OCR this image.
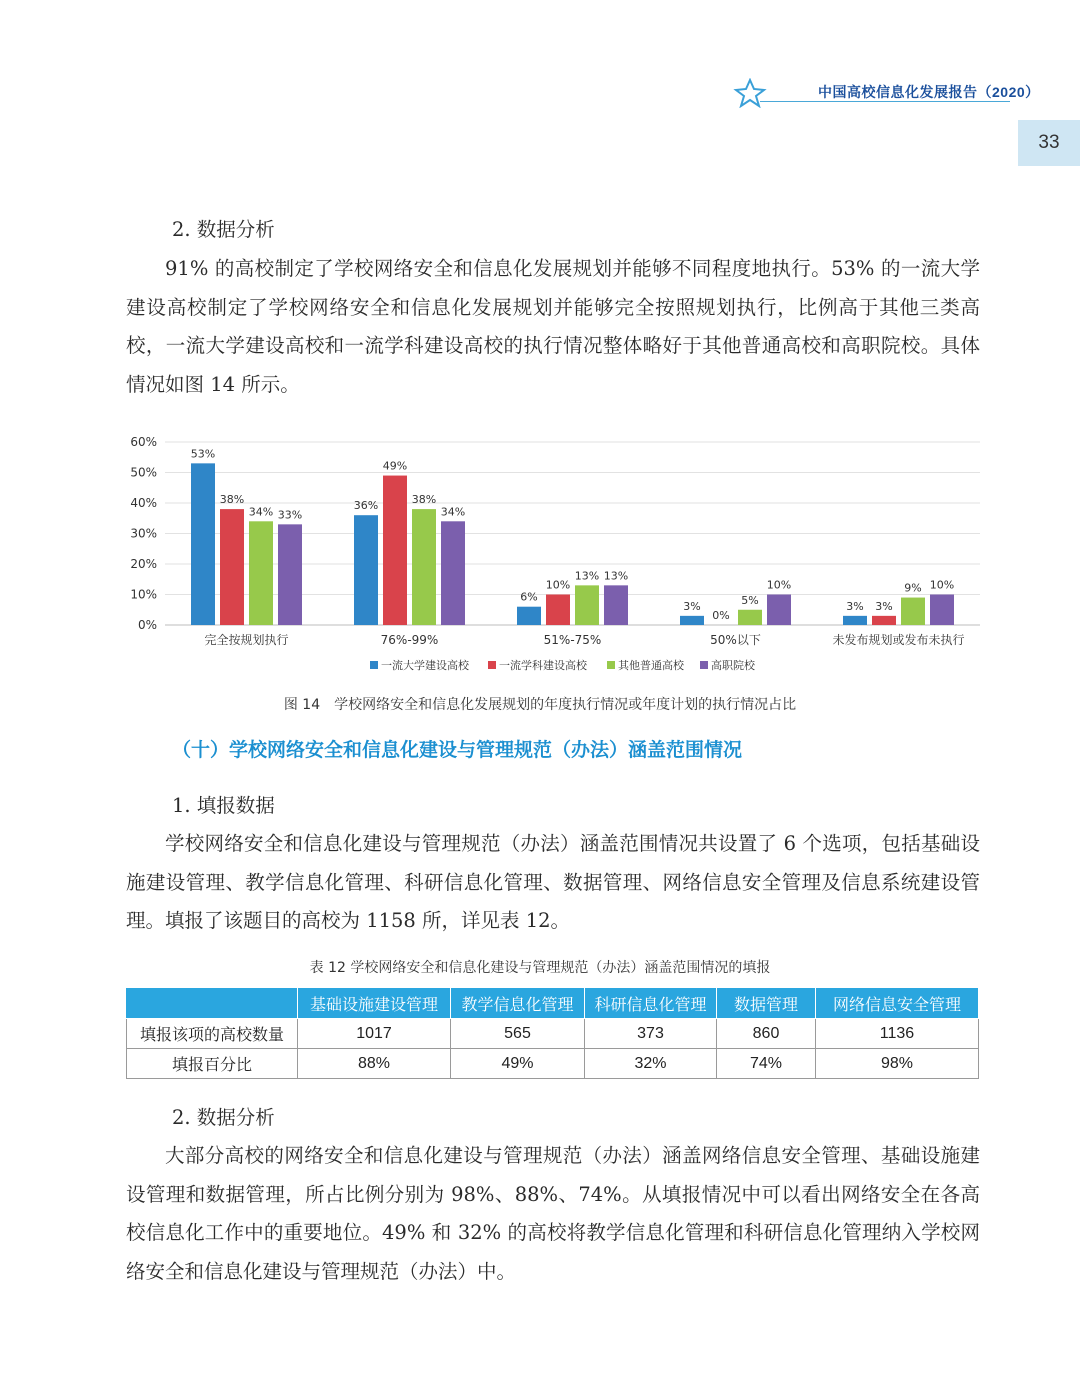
中国高校信息化发展报告（2020）
33
2. 数据分析
91% 的高校制定了学校网络安全和信息化发展规划并能够不同程度地执行。53% 的一流大学建设高校制定了学校网络安全和信息化发展规划并能够完全按照规划执行，比例高于其他三类高校，一流大学建设高校和一流学科建设高校的执行情况整体略好于其他普通高校和高职院校。具体情况如图 14 所示。
0%
10%
20%
30%
40%
50%
60%
53%
38%
34% 33%
完全按规划执行
36%
49%
38%
34%
76%-99%
6%
10%
13% 13%
51%-75%
3%
0%
5%
10%
50%以下
3% 3%
9% 10%
未发布规划或发布未执行
一流大学建设高校	一流学科建设高校	其他普通高校 高职院校
图 14　学校网络安全和信息化发展规划的年度执行情况或年度计划的执行情况占比
（十）学校网络安全和信息化建设与管理规范（办法）涵盖范围情况
1. 填报数据
学校网络安全和信息化建设与管理规范（办法）涵盖范围情况共设置了 6 个选项，包括基础设施建设管理、教学信息化管理、科研信息化管理、数据管理、网络信息安全管理及信息系统建设管理。填报了该题目的高校为 1158 所，详见表 12。
表 12 学校网络安全和信息化建设与管理规范（办法）涵盖范围情况的填报
	基础设施建设管理	教学信息化管理	科研信息化管理	数据管理	网络信息安全管理
填报该项的高校数量	1017	565	373	860	1136
填报百分比	88%	49%	32%	74%	98%
2. 数据分析
大部分高校的网络安全和信息化建设与管理规范（办法）涵盖网络信息安全管理、基础设施建设管理和数据管理，所占比例分别为 98%、88%、74%。从填报情况中可以看出网络安全在各高校信息化工作中的重要地位。49% 和 32% 的高校将教学信息化管理和科研信息化管理纳入学校网络安全和信息化建设与管理规范（办法）中。
